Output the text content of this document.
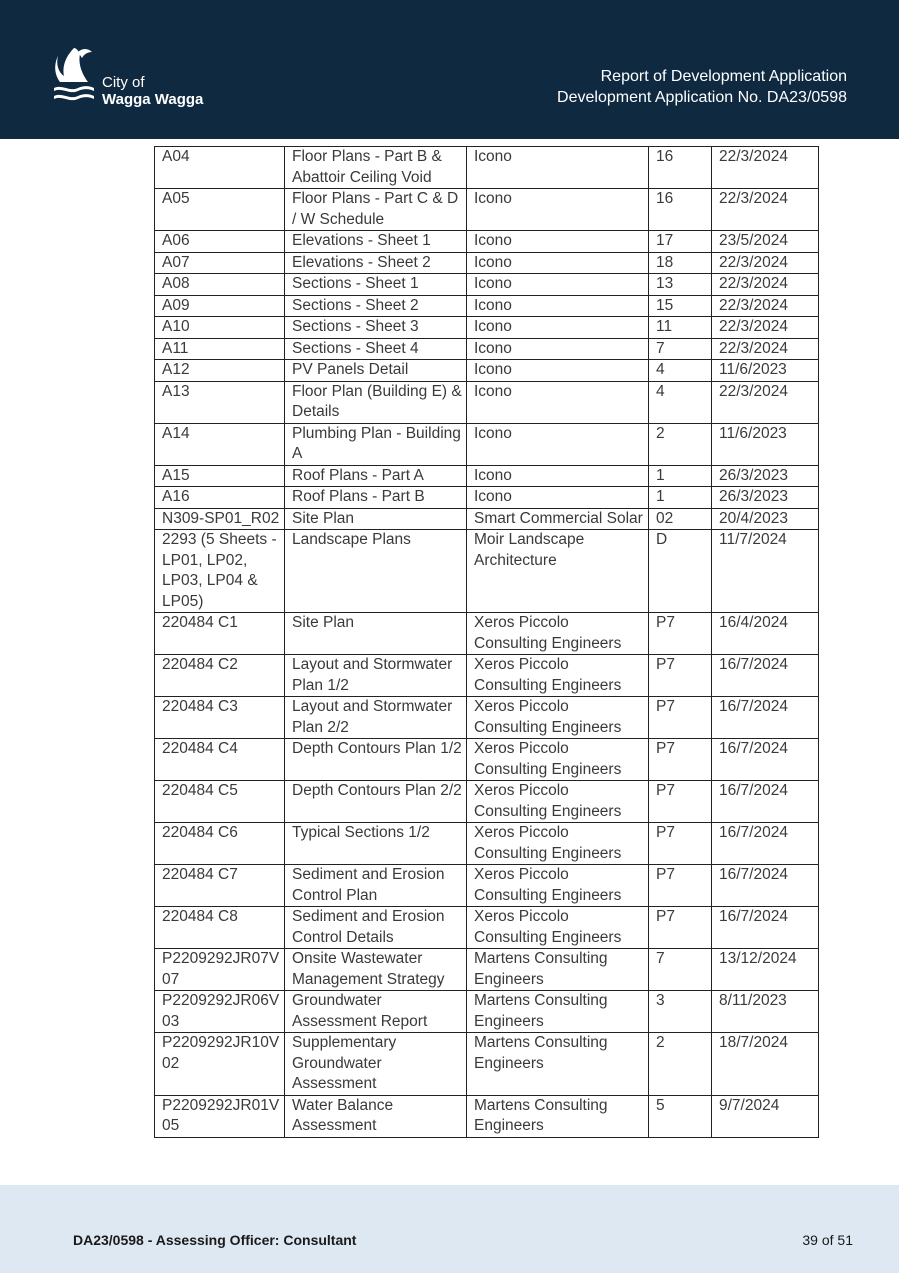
City of
Wagga Wagga
Report of Development Application
Development Application No. DA23/0598
A04	Floor Plans - Part B & Abattoir Ceiling Void	Icono	16	22/3/2024
A05	Floor Plans - Part C & D / W Schedule	Icono	16	22/3/2024
A06	Elevations - Sheet 1	Icono	17	23/5/2024
A07	Elevations - Sheet 2	Icono	18	22/3/2024
A08	Sections - Sheet 1	Icono	13	22/3/2024
A09	Sections - Sheet 2	Icono	15	22/3/2024
A10	Sections - Sheet 3	Icono	11	22/3/2024
A11	Sections - Sheet 4	Icono	7	22/3/2024
A12	PV Panels Detail	Icono	4	11/6/2023
A13	Floor Plan (Building E) & Details	Icono	4	22/3/2024
A14	Plumbing Plan - Building A	Icono	2	11/6/2023
A15	Roof Plans - Part A	Icono	1	26/3/2023
A16	Roof Plans - Part B	Icono	1	26/3/2023
N309-SP01_R02	Site Plan	Smart Commercial Solar	02	20/4/2023
2293 (5 Sheets - LP01, LP02, LP03, LP04 & LP05)	Landscape Plans	Moir Landscape Architecture	D	11/7/2024
220484 C1	Site Plan	Xeros Piccolo Consulting Engineers	P7	16/4/2024
220484 C2	Layout and Stormwater Plan 1/2	Xeros Piccolo Consulting Engineers	P7	16/7/2024
220484 C3	Layout and Stormwater Plan 2/2	Xeros Piccolo Consulting Engineers	P7	16/7/2024
220484 C4	Depth Contours Plan 1/2	Xeros Piccolo Consulting Engineers	P7	16/7/2024
220484 C5	Depth Contours Plan 2/2	Xeros Piccolo Consulting Engineers	P7	16/7/2024
220484 C6	Typical Sections 1/2	Xeros Piccolo Consulting Engineers	P7	16/7/2024
220484 C7	Sediment and Erosion Control Plan	Xeros Piccolo Consulting Engineers	P7	16/7/2024
220484 C8	Sediment and Erosion Control Details	Xeros Piccolo Consulting Engineers	P7	16/7/2024
P2209292JR07V07	Onsite Wastewater Management Strategy	Martens Consulting Engineers	7	13/12/2024
P2209292JR06V03	Groundwater Assessment Report	Martens Consulting Engineers	3	8/11/2023
P2209292JR10V02	Supplementary Groundwater Assessment	Martens Consulting Engineers	2	18/7/2024
P2209292JR01V05	Water Balance Assessment	Martens Consulting Engineers	5	9/7/2024
DA23/0598 - Assessing Officer: Consultant	39 of 51
